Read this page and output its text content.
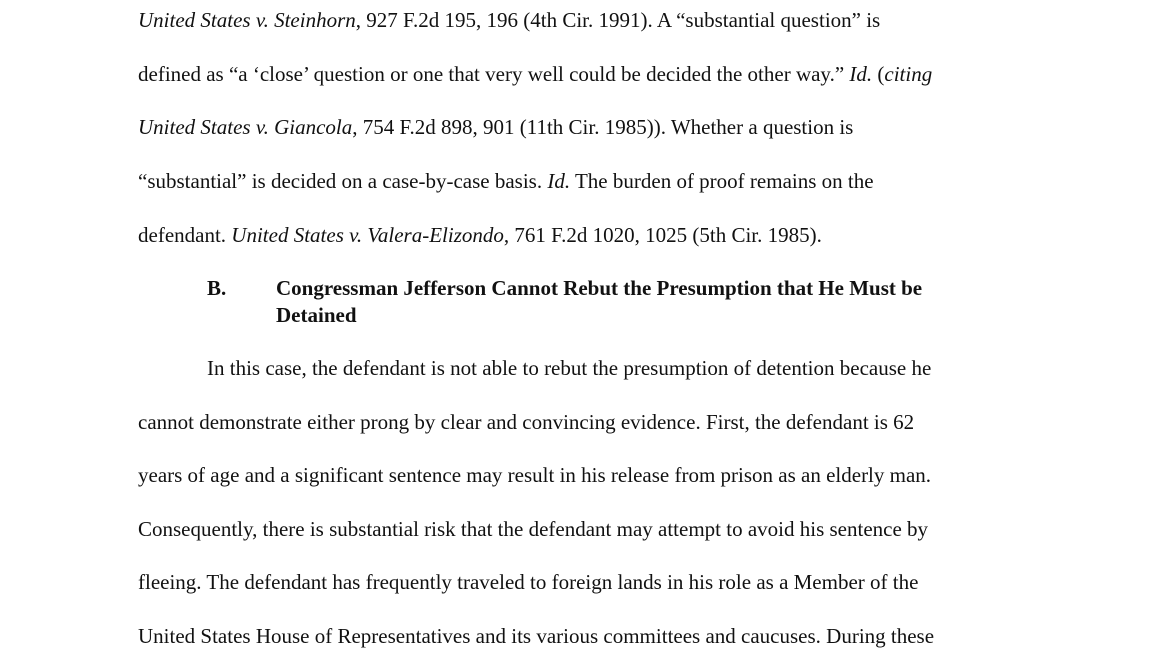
United States v. Steinhorn, 927 F.2d 195, 196 (4th Cir. 1991). A “substantial question” is
defined as “a ‘close’ question or one that very well could be decided the other way.” Id. (citing
United States v. Giancola, 754 F.2d 898, 901 (11th Cir. 1985)). Whether a question is
“substantial” is decided on a case-by-case basis. Id. The burden of proof remains on the
defendant. United States v. Valera-Elizondo, 761 F.2d 1020, 1025 (5th Cir. 1985).
B. Congressman Jefferson Cannot Rebut the Presumption that He Must be
Detained
In this case, the defendant is not able to rebut the presumption of detention because he
cannot demonstrate either prong by clear and convincing evidence. First, the defendant is 62
years of age and a significant sentence may result in his release from prison as an elderly man.
Consequently, there is substantial risk that the defendant may attempt to avoid his sentence by
fleeing. The defendant has frequently traveled to foreign lands in his role as a Member of the
United States House of Representatives and its various committees and caucuses. During these
